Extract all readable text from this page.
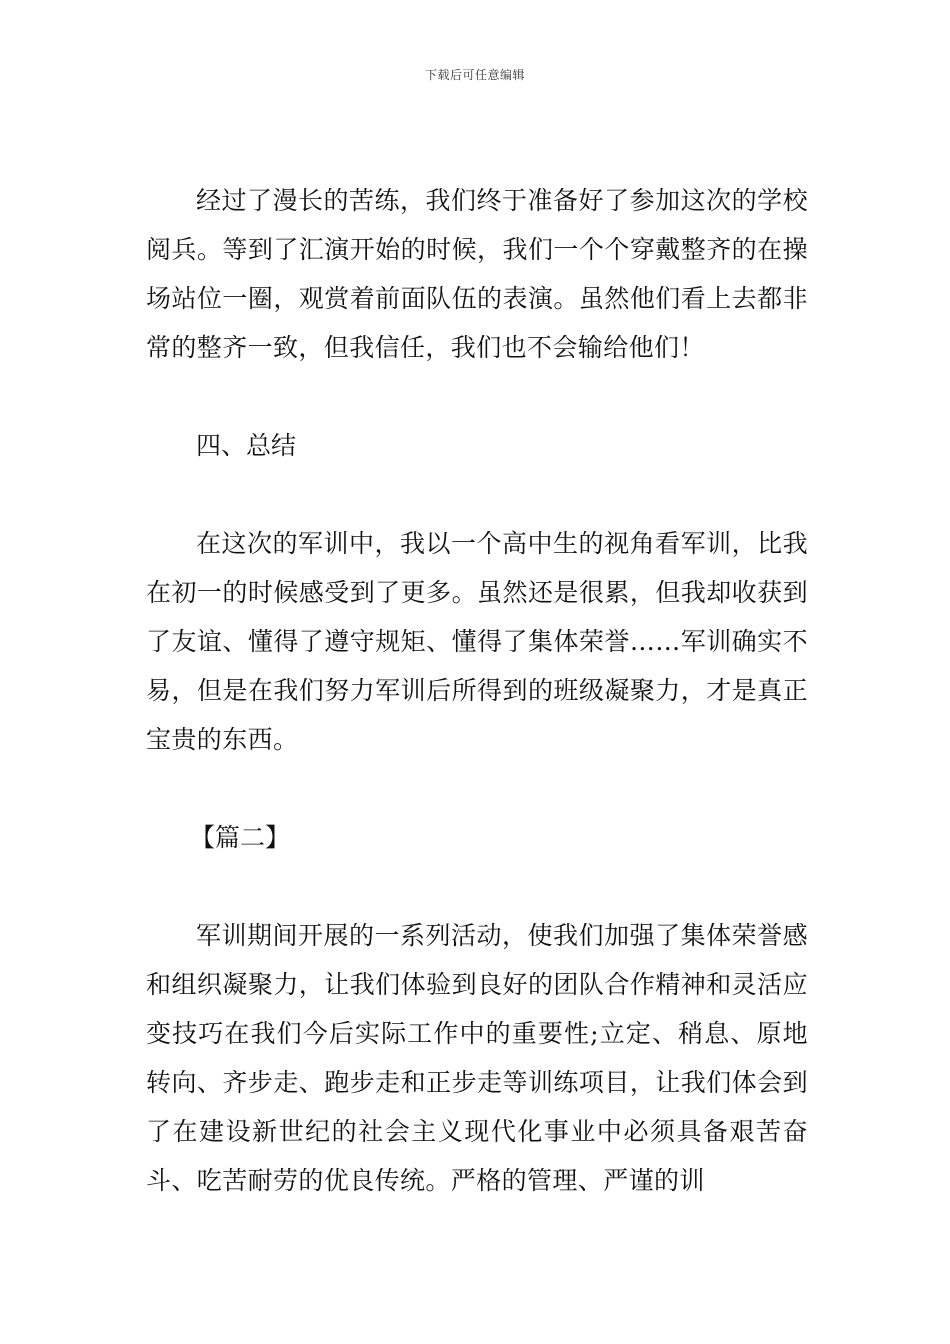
下载后可任意编辑

经过了漫长的苦练，我们终于准备好了参加这次的学校阅兵。等到了汇演开始的时候，我们一个个穿戴整齐的在操场站位一圈，观赏着前面队伍的表演。虽然他们看上去都非常的整齐一致，但我信任，我们也不会输给他们！

四、总结

在这次的军训中，我以一个高中生的视角看军训，比我在初一的时候感受到了更多。虽然还是很累，但我却收获到了友谊、懂得了遵守规矩、懂得了集体荣誉……军训确实不易，但是在我们努力军训后所得到的班级凝聚力，才是真正宝贵的东西。

【篇二】

军训期间开展的一系列活动，使我们加强了集体荣誉感和组织凝聚力，让我们体验到良好的团队合作精神和灵活应变技巧在我们今后实际工作中的重要性;立定、稍息、原地转向、齐步走、跑步走和正步走等训练项目，让我们体会到了在建设新世纪的社会主义现代化事业中必须具备艰苦奋斗、吃苦耐劳的优良传统。严格的管理、严谨的训
